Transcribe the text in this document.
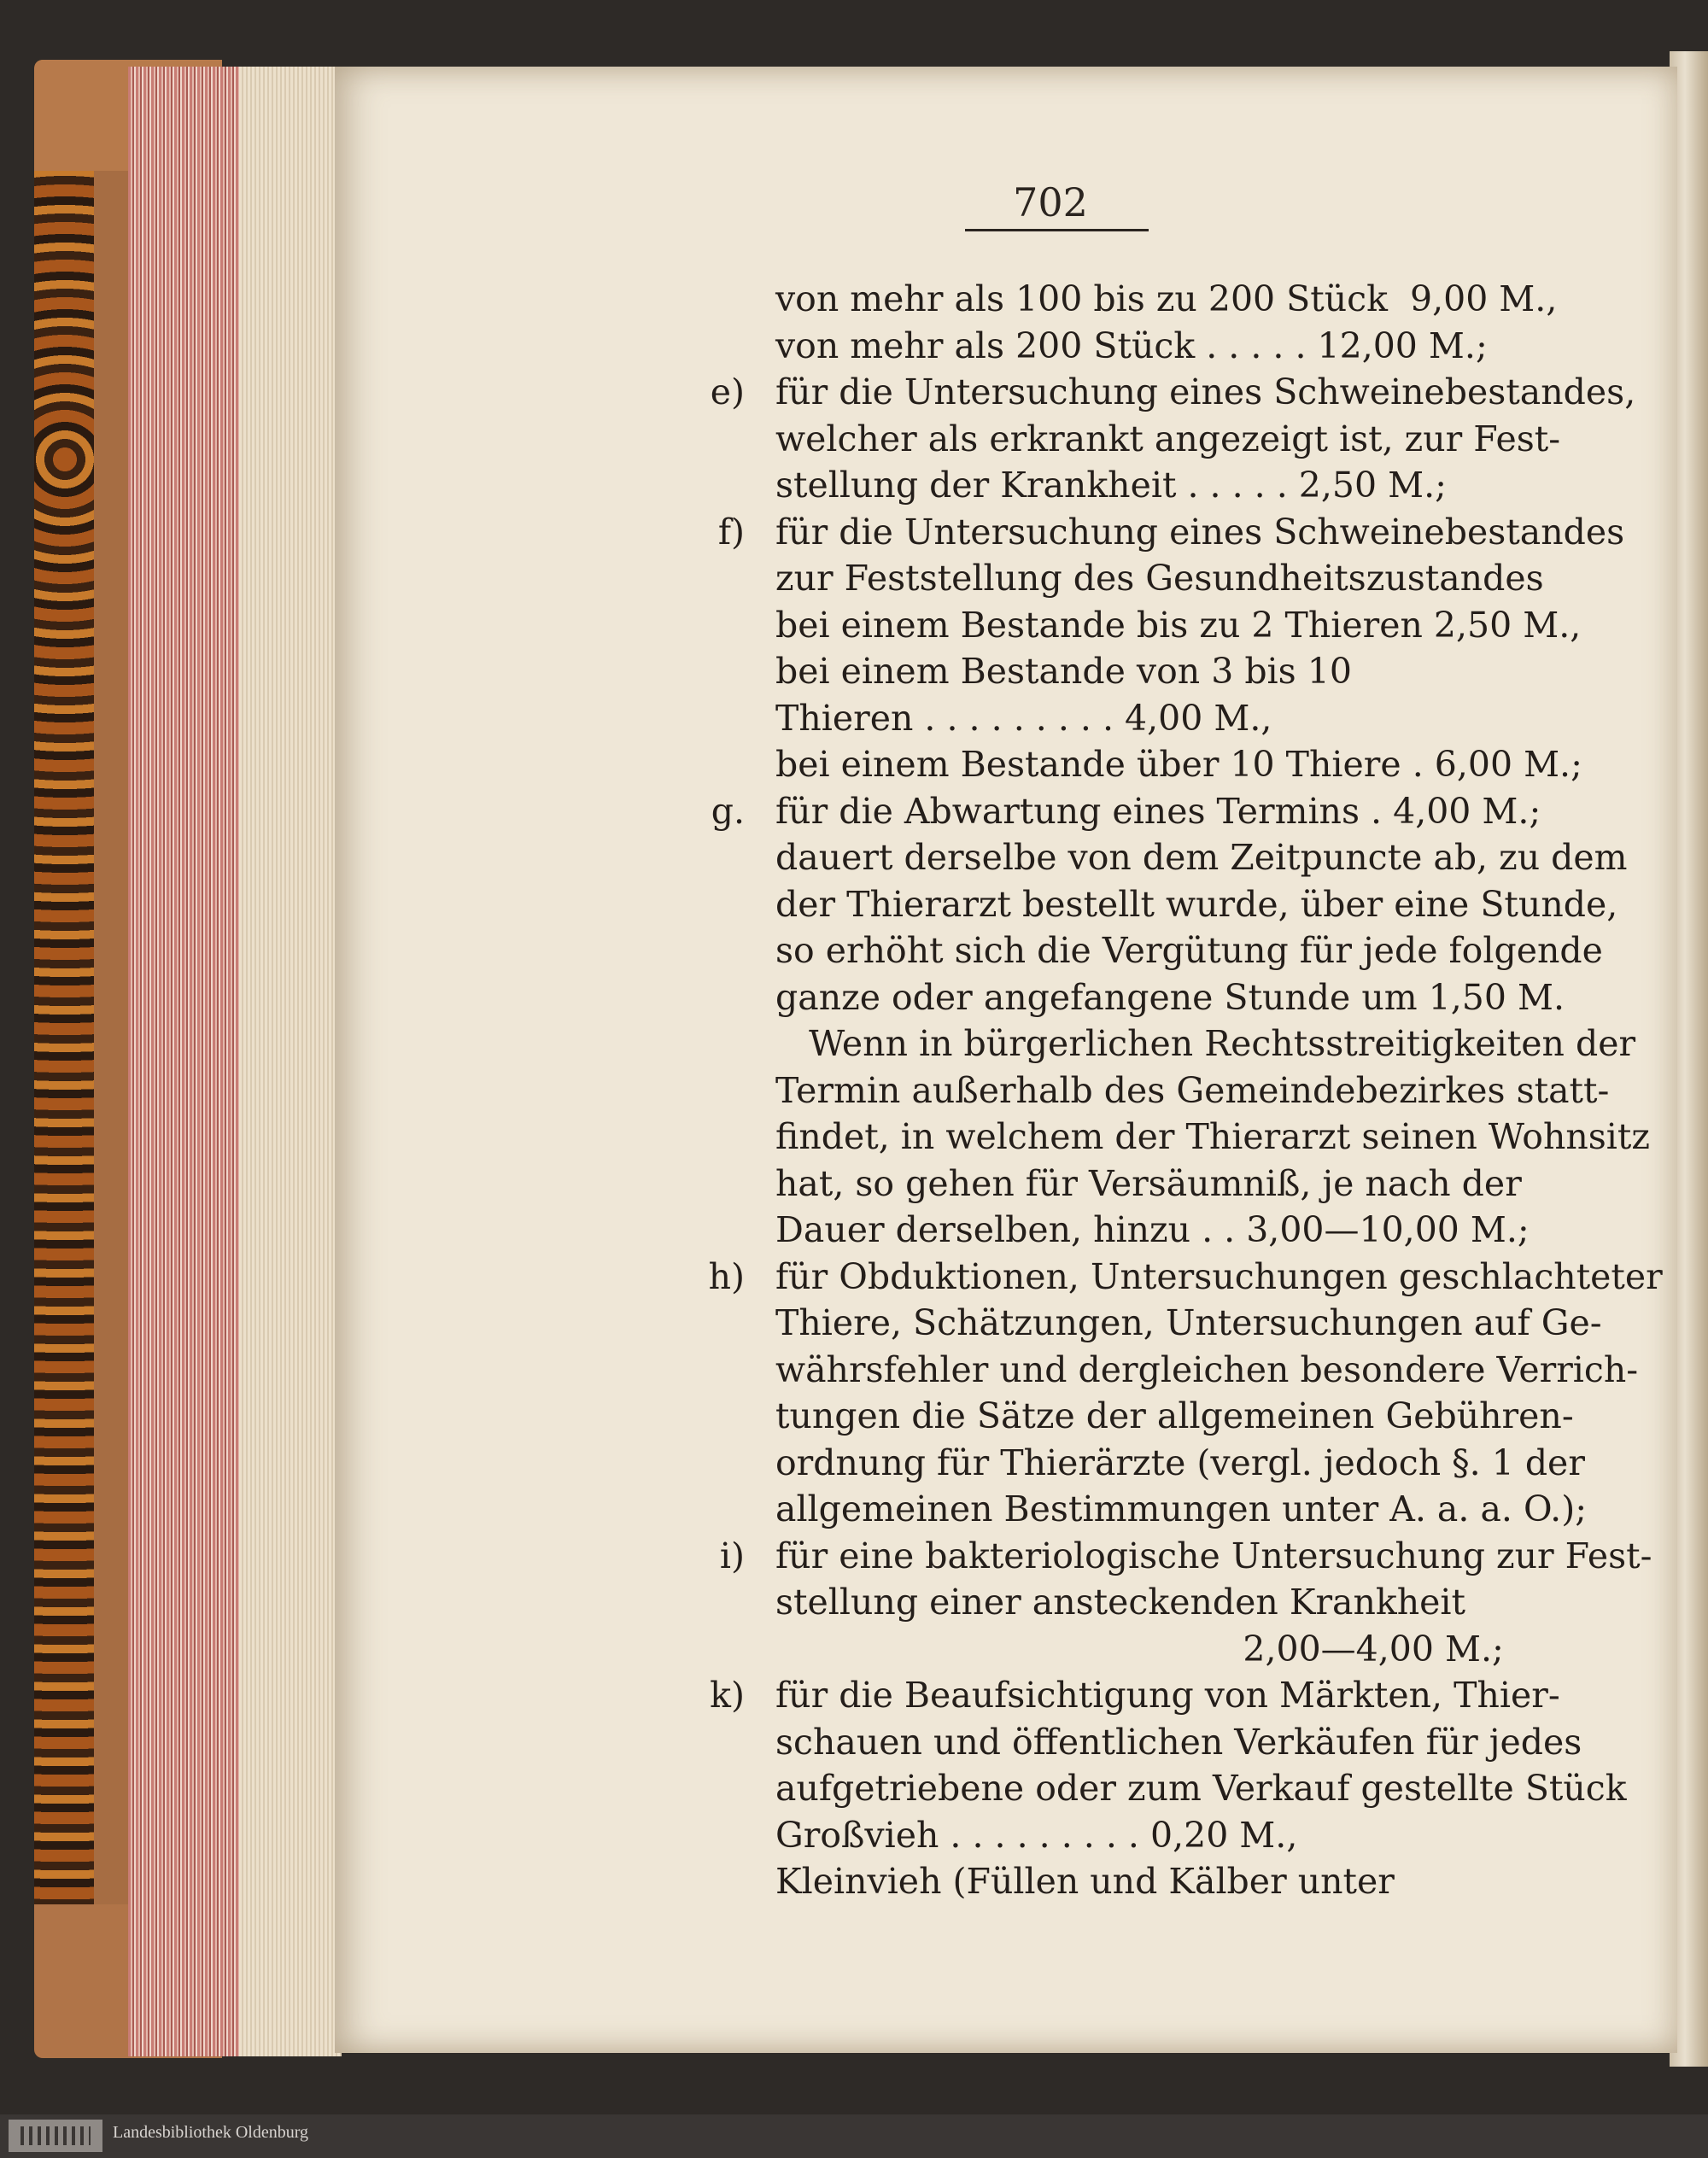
702

von mehr als 100 bis zu 200 Stück  9,00 M.,

von mehr als 200 Stück . . . . . 12,00 M.;

für die Untersuchung eines Schweinebestandes,

e)

welcher als erkrankt angezeigt ist, zur Fest-

stellung der Krankheit . . . . . 2,50 M.;

für die Untersuchung eines Schweinebestandes

f)

zur Feststellung des Gesundheitszustandes

bei einem Bestande bis zu 2 Thieren 2,50 M.,

bei einem Bestande von 3 bis 10

Thieren . . . . . . . . . 4,00 M.,

bei einem Bestande über 10 Thiere . 6,00 M.;

für die Abwartung eines Termins . 4,00 M.;

g.

dauert derselbe von dem Zeitpuncte ab, zu dem

der Thierarzt bestellt wurde, über eine Stunde,

so erhöht sich die Vergütung für jede folgende

ganze oder angefangene Stunde um 1,50 M.

Wenn in bürgerlichen Rechtsstreitigkeiten der

Termin außerhalb des Gemeindebezirkes statt-

findet, in welchem der Thierarzt seinen Wohnsitz

hat, so gehen für Versäumniß, je nach der

Dauer derselben, hinzu . . 3,00—10,00 M.;

für Obduktionen, Untersuchungen geschlachteter

h)

Thiere, Schätzungen, Untersuchungen auf Ge-

währsfehler und dergleichen besondere Verrich-

tungen die Sätze der allgemeinen Gebühren-

ordnung für Thierärzte (vergl. jedoch §. 1 der

allgemeinen Bestimmungen unter A. a. a. O.);

für eine bakteriologische Untersuchung zur Fest-

i)

stellung einer ansteckenden Krankheit

2,00—4,00 M.;

für die Beaufsichtigung von Märkten, Thier-

k)

schauen und öffentlichen Verkäufen für jedes

aufgetriebene oder zum Verkauf gestellte Stück

Großvieh . . . . . . . . . 0,20 M.,

Kleinvieh (Füllen und Kälber unter

Landesbibliothek Oldenburg
